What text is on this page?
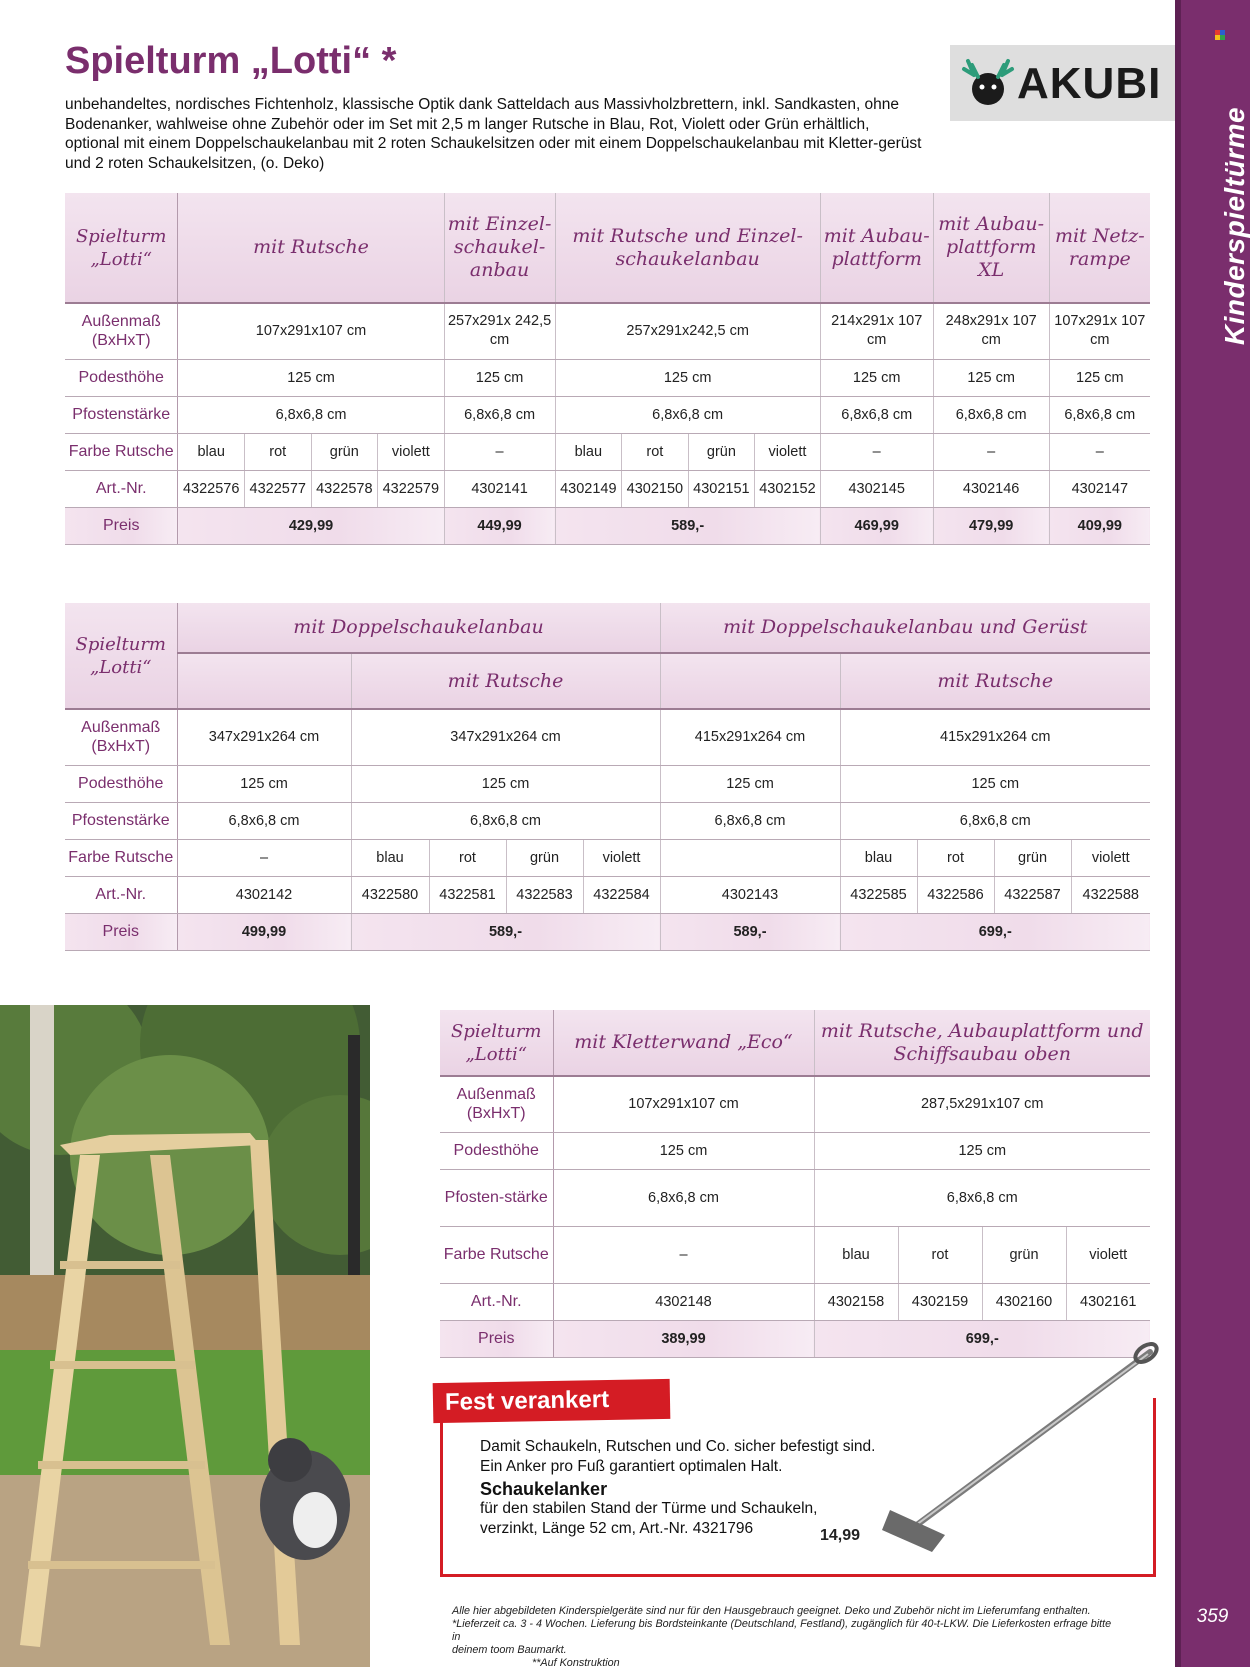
Kinderspieltürme
359
Spielturm „Lotti“ *
unbehandeltes, nordisches Fichtenholz, klassische Optik dank Satteldach aus Massivholzbrettern, inkl. Sandkasten, ohne Bodenanker, wahlweise ohne Zubehör oder im Set mit 2,5 m langer Rutsche in Blau, Rot, Violett oder Grün erhältlich, optional mit einem Doppelschaukelanbau mit 2 roten Schaukelsitzen oder mit einem Doppelschaukelanbau mit Kletter-gerüst und 2 roten Schaukelsitzen, (o. Deko)
AKUBI
Spielturm „Lotti“	mit Rutsche				mit Einzel-schaukel-anbau	mit Rutsche und Einzel-schaukelanbau				mit Aubau-plattform	mit Aubau-plattform XL	mit Netz-rampe
Außenmaß (BxHxT)	107x291x107 cm				257x291x 242,5 cm	257x291x242,5 cm				214x291x 107 cm	248x291x 107 cm	107x291x 107 cm
Podesthöhe	125 cm				125 cm	125 cm				125 cm	125 cm	125 cm
Pfostenstärke	6,8x6,8 cm				6,8x6,8 cm	6,8x6,8 cm				6,8x6,8 cm	6,8x6,8 cm	6,8x6,8 cm
Farbe Rutsche	blau	rot	grün	violett	–	blau	rot	grün	violett	–	–	–
Art.-Nr.	4322576	4322577	4322578	4322579	4302141	4302149	4302150	4302151	4302152	4302145	4302146	4302147
Preis	429,99				449,99	589,-				469,99	479,99	409,99
Spielturm „Lotti“	mit Doppelschaukelanbau					mit Doppelschaukelanbau und Gerüst				
		mit Rutsche					mit Rutsche			
Außenmaß (BxHxT)	347x291x264 cm	347x291x264 cm				415x291x264 cm	415x291x264 cm			
Podesthöhe	125 cm	125 cm				125 cm	125 cm			
Pfostenstärke	6,8x6,8 cm	6,8x6,8 cm				6,8x6,8 cm	6,8x6,8 cm			
Farbe Rutsche	–	blau	rot	grün	violett		blau	rot	grün	violett
Art.-Nr.	4302142	4322580	4322581	4322583	4322584	4302143	4322585	4322586	4322587	4322588
Preis	499,99	589,-				589,-	699,-			
Spielturm „Lotti“	mit Kletterwand „Eco“	mit Rutsche, Aubauplattform und Schiffsaubau oben			
Außenmaß (BxHxT)	107x291x107 cm	287,5x291x107 cm			
Podesthöhe	125 cm	125 cm			
Pfosten-stärke	6,8x6,8 cm	6,8x6,8 cm			
Farbe Rutsche	–	blau	rot	grün	violett
Art.-Nr.	4302148	4302158	4302159	4302160	4302161
Preis	389,99	699,-			
Fest verankert
Damit Schaukeln, Rutschen und Co. sicher befestigt sind.
Ein Anker pro Fuß garantiert optimalen Halt.
Schaukelanker
für den stabilen Stand der Türme und Schaukeln,
verzinkt, Länge 52 cm, Art.-Nr. 4321796	14,99
Alle hier abgebildeten Kinderspielgeräte sind nur für den Hausgebrauch geeignet. Deko und Zubehör nicht im Lieferumfang enthalten.
*Lieferzeit ca. 3 - 4 Wochen. Lieferung bis Bordsteinkante (Deutschland, Festland), zugänglich für 40-t-LKW. Die Lieferkosten erfrage bitte in
deinem toom Baumarkt.
**Auf Konstruktion
